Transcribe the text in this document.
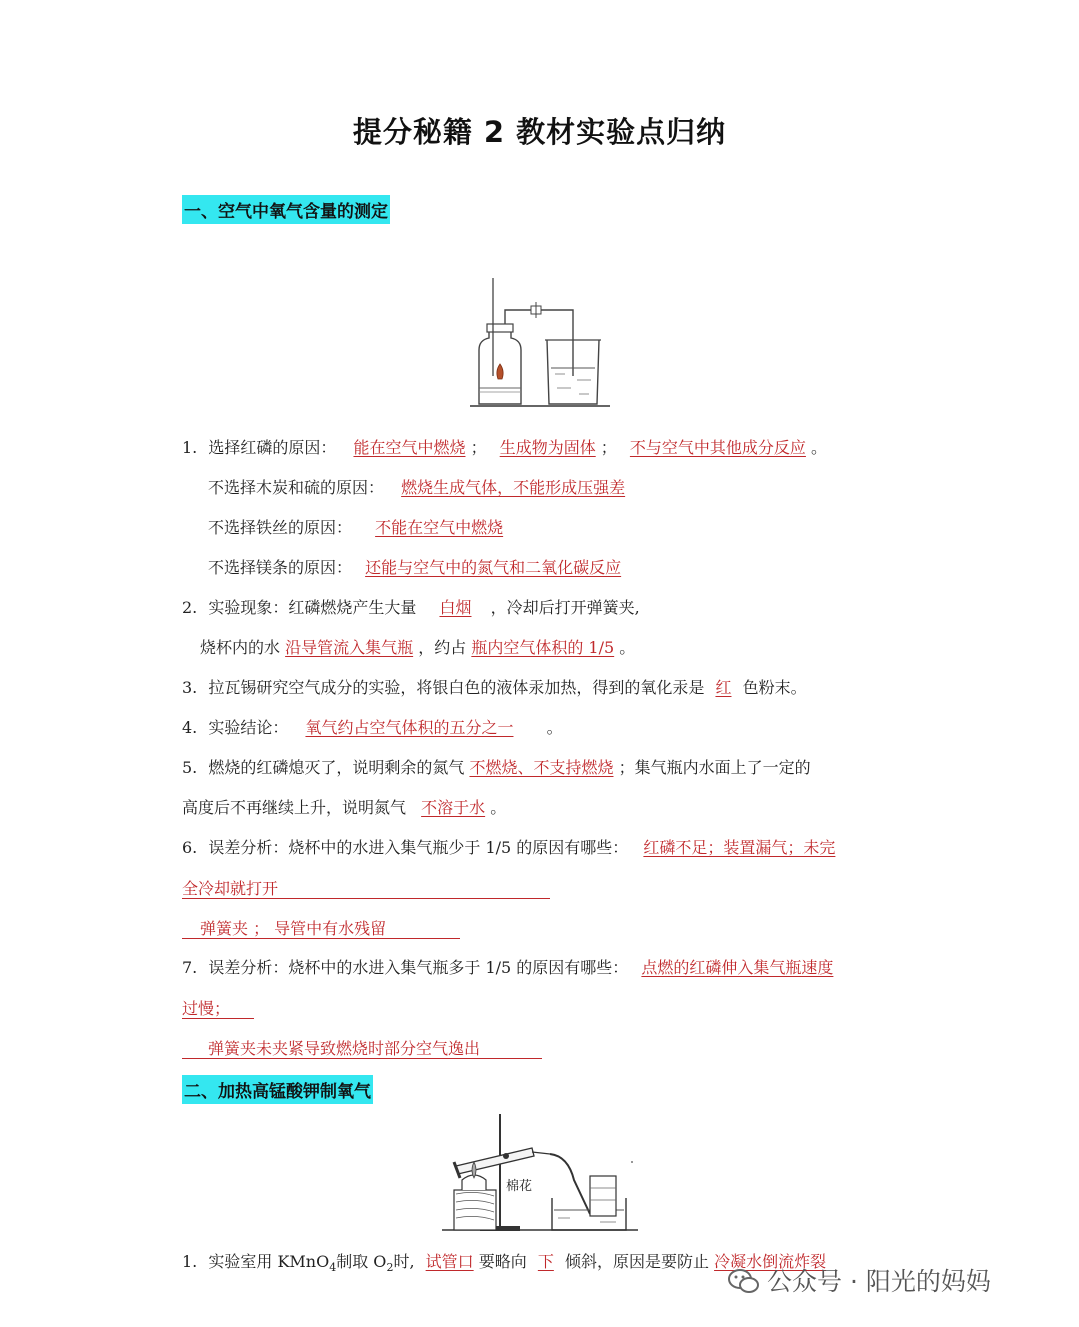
提分秘籍 2 教材实验点归纳
一、空气中氧气含量的测定
1. 选择红磷的原因： 能在空气中燃烧 ； 生成物为固体 ； 不与空气中其他成分反应 。
不选择木炭和硫的原因： 燃烧生成气体，不能形成压强差
不选择铁丝的原因： 不能在空气中燃烧
不选择镁条的原因： 还能与空气中的氮气和二氧化碳反应
2. 实验现象：红磷燃烧产生大量 白烟 ，冷却后打开弹簧夹,
烧杯内的水 沿导管流入集气瓶 ，约占 瓶内空气体积的 1/5 。
3. 拉瓦锡研究空气成分的实验，将银白色的液体汞加热，得到的氧化汞是 红 色粉末。
4. 实验结论： 氧气约占空气体积的五分之一 。
5. 燃烧的红磷熄灭了，说明剩余的氮气 不燃烧、不支持燃烧 ；集气瓶内水面上了一定的
高度后不再继续上升，说明氮气 不溶于水 。
6. 误差分析：烧杯中的水进入集气瓶少于 1/5 的原因有哪些： 红磷不足；装置漏气；未完
全冷却就打开
弹簧夹 ； 导管中有水残留
7. 误差分析：烧杯中的水进入集气瓶多于 1/5 的原因有哪些： 点燃的红磷伸入集气瓶速度
过慢；
弹簧夹未夹紧导致燃烧时部分空气逸出
二、加热高锰酸钾制氧气
棉花
1. 实验室用 KMnO$_4$制取 $O_2$时, 试管口 要略向 下 倾斜，原因是要防止 冷凝水倒流炸裂
公众号 · 阳光的妈妈
